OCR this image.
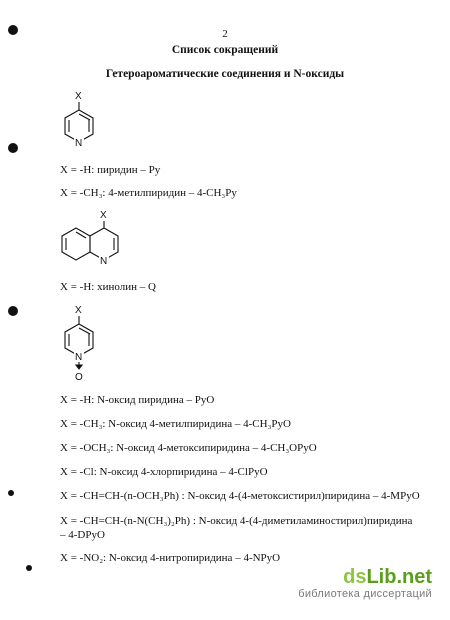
2
Список сокращений
Гетероароматические соединения и N-оксиды
X
N
X = -H: пиридин – Py
X = -CH₃: 4-метилпиридин – 4-CH₃Py
X
N
X = -H: хинолин – Q
X
N
O
X = -H: N-оксид пиридина – PyO
X = -CH₃: N-оксид 4-метилпиридина – 4-CH₃PyO
X = -OCH₃: N-оксид 4-метоксипиридина – 4-CH₃OPyO
X = -Cl: N-оксид 4-хлорпиридина – 4-ClPyO
X = -CH=CH-(n-OCH₃Ph) : N-оксид 4-(4-метоксистирил)пиридина – 4-MPyO
X = -CH=CH-(n-N(CH₃)₂Ph) : N-оксид 4-(4-диметиламиностирил)пиридина – 4-DPyO
X = -NO₂: N-оксид 4-нитропиридина – 4-NPyO
dsLib.net
библиотека диссертаций
